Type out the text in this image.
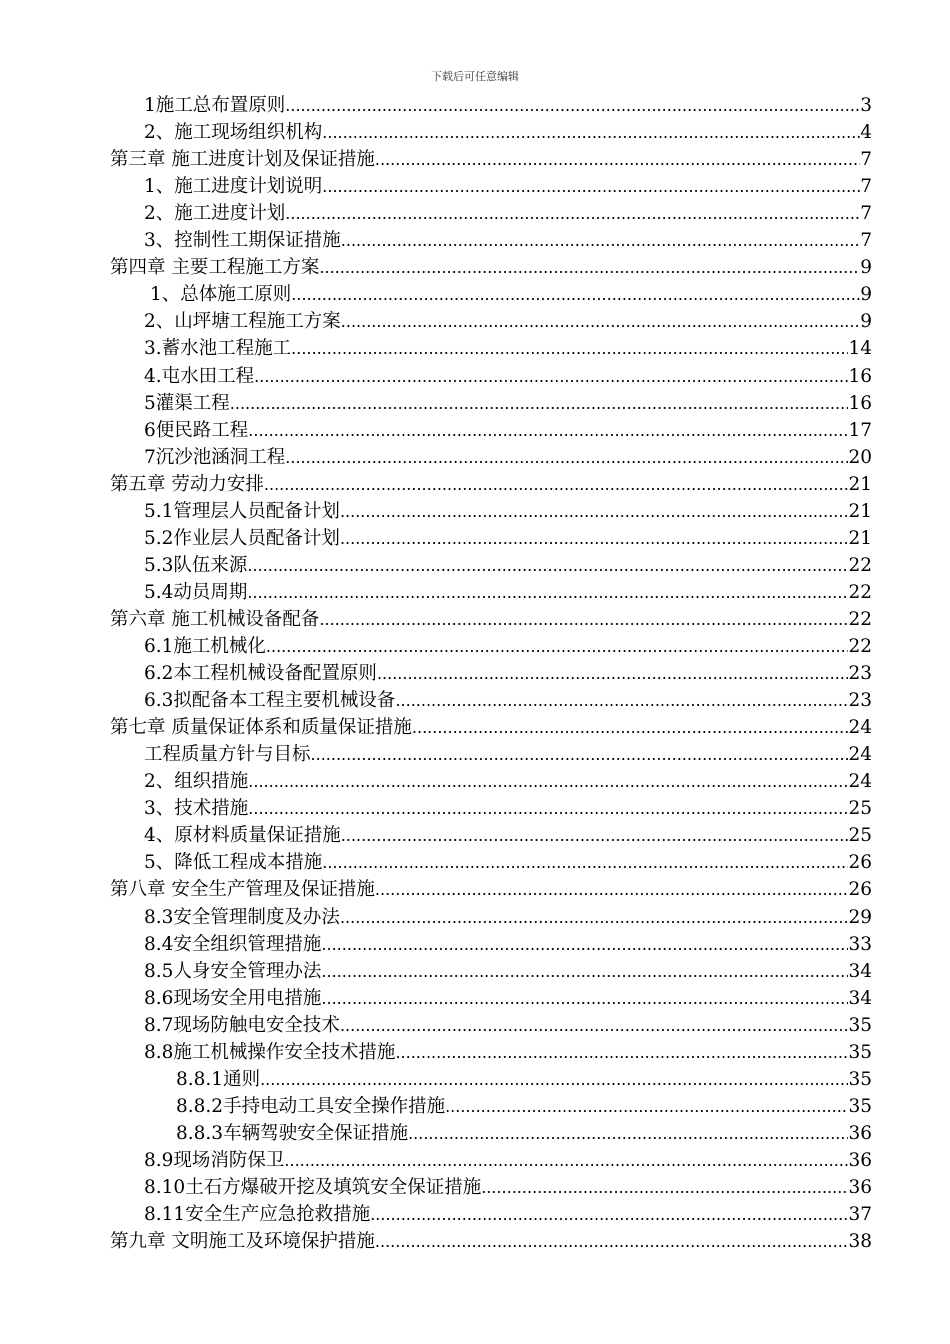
下载后可任意编辑
1施工总布置原则 .....	3
2、施工现场组织机构 .....	4
第三章 施工进度计划及保证措施 .....	7
1、施工进度计划说明 .....	7
2、施工进度计划 .....	7
3、控制性工期保证措施 .....	7
第四章 主要工程施工方案 .....	9
1、总体施工原则 .....	9
2、山坪塘工程施工方案 .....	9
3.蓄水池工程施工 .....	14
4.屯水田工程 .....	16
5灌渠工程 .....	16
6便民路工程 .....	17
7沉沙池涵洞工程 .....	20
第五章 劳动力安排 .....	21
5.1管理层人员配备计划 .....	21
5.2作业层人员配备计划 .....	21
5.3队伍来源 .....	22
5.4动员周期 .....	22
第六章 施工机械设备配备 .....	22
6.1施工机械化 .....	22
6.2本工程机械设备配置原则 .....	23
6.3拟配备本工程主要机械设备 .....	23
第七章 质量保证体系和质量保证措施 .....	24
工程质量方针与目标 .....	24
2、组织措施 .....	24
3、技术措施 .....	25
4、原材料质量保证措施 .....	25
5、降低工程成本措施 .....	26
第八章 安全生产管理及保证措施 .....	26
8.3安全管理制度及办法 .....	29
8.4安全组织管理措施 .....	33
8.5人身安全管理办法 .....	34
8.6现场安全用电措施 .....	34
8.7现场防触电安全技术 .....	35
8.8施工机械操作安全技术措施 .....	35
8.8.1通则 .....	35
8.8.2手持电动工具安全操作措施 .....	35
8.8.3车辆驾驶安全保证措施 .....	36
8.9现场消防保卫 .....	36
8.10土石方爆破开挖及填筑安全保证措施 .....	36
8.11安全生产应急抢救措施 .....	37
第九章 文明施工及环境保护措施 .....	38
